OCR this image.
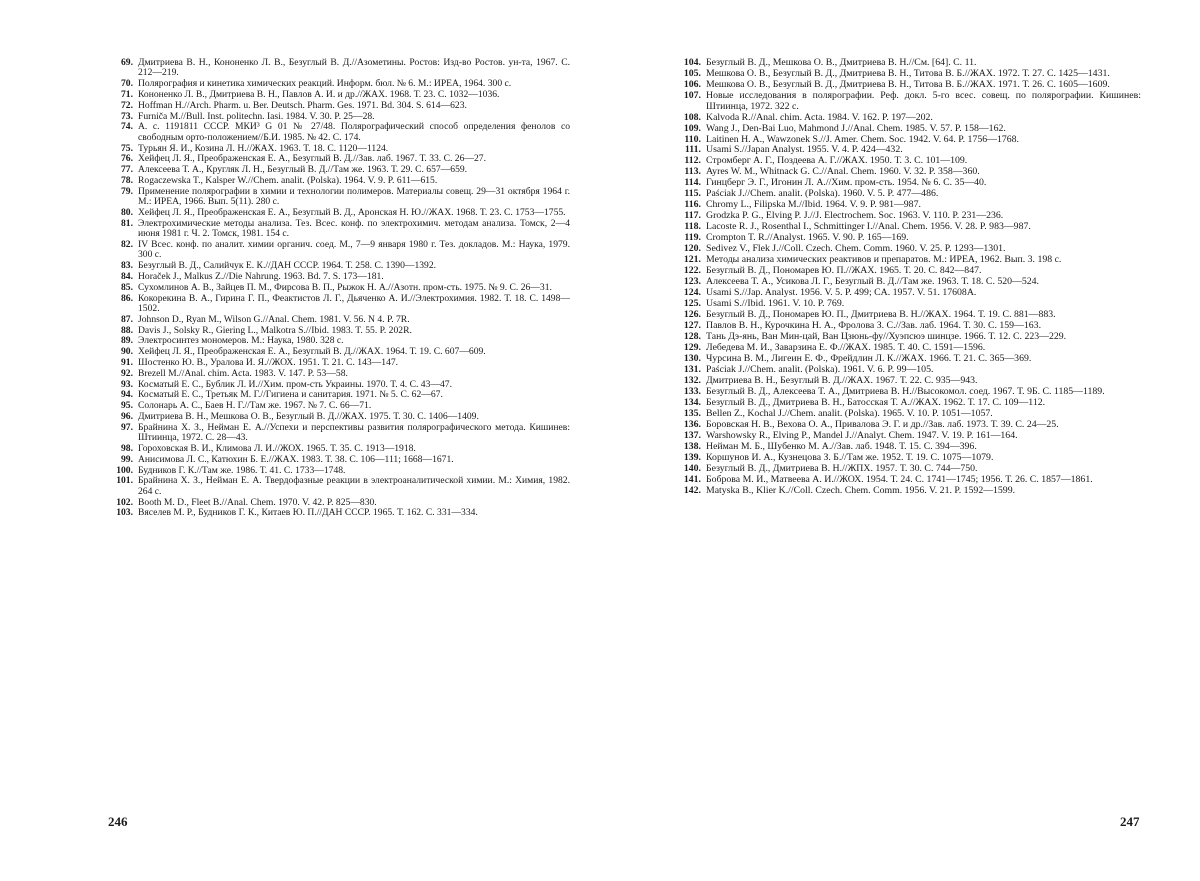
69. Дмитриева В. Н., Кононенко Л. В., Безуглый В. Д.//Азометины. Ростов: Изд-во Ростов. ун-та, 1967. С. 212—219.
70. Полярография и кинетика химических реакций. Информ. бюл. № 6. М.: ИРЕА, 1964. 300 с.
71. Кононенко Л. В., Дмитриева В. Н., Павлов А. И. и др.//ЖАХ. 1968. Т. 23. С. 1032—1036.
72. Hoffman H.//Arch. Pharm. u. Ber. Deutsch. Pharm. Ges. 1971. Bd. 304. S. 614—623.
73. Furniča M.//Bull. Inst. politechn. Iasi. 1984. V. 30. P. 25—28.
74. А. с. 1191811 СССР. МКИ³ G 01 № 27/48. Полярографический способ определения фенолов со свободным орто-положением//Б.И. 1985. № 42. С. 174.
75. Турьян Я. И., Козина Л. Н.//ЖАХ. 1963. Т. 18. С. 1120—1124.
76. Хейфец Л. Я., Преображенская Е. А., Безуглый В. Д.//Зав. лаб. 1967. Т. 33. С. 26—27.
77. Алексеева Т. А., Кругляк Л. Н., Безуглый В. Д.//Там же. 1963. Т. 29. С. 657—659.
78. Rogaczewska T., Kalsper W.//Chem. analit. (Polska). 1964. V. 9. P. 611—615.
79. Применение полярографии в химии и технологии полимеров. Материалы совещ. 29—31 октября 1964 г. М.: ИРЕА, 1966. Вып. 5(11). 280 с.
80. Хейфец Л. Я., Преображенская Е. А., Безуглый В. Д., Аронская Н. Ю.//ЖАХ. 1968. Т. 23. С. 1753—1755.
81. Электрохимические методы анализа. Тез. Всес. конф. по электрохимич. методам анализа. Томск, 2—4 июня 1981 г. Ч. 2. Томск, 1981. 154 с.
82. IV Всес. конф. по аналит. химии органич. соед. М., 7—9 января 1980 г. Тез. докладов. М.: Наука, 1979. 300 с.
83. Безуглый В. Д., Салийчук Е. К.//ДАН СССР. 1964. Т. 258. С. 1390—1392.
84. Horaček J., Malkus Z.//Die Nahrung. 1963. Bd. 7. S. 173—181.
85. Сухомлинов А. В., Зайцев П. М., Фирсова В. П., Рыжок Н. А.//Азотн. пром-сть. 1975. № 9. С. 26—31.
86. Кокорекина В. А., Гирина Г. П., Феактистов Л. Г., Дьяченко А. И.//Электрохимия. 1982. Т. 18. С. 1498—1502.
87. Johnson D., Ryan M., Wilson G.//Anal. Chem. 1981. V. 56. N 4. P. 7R.
88. Davis J., Solsky R., Giering L., Malkotra S.//Ibid. 1983. T. 55. P. 202R.
89. Электросинтез мономеров. М.: Наука, 1980. 328 с.
90. Хейфец Л. Я., Преображенская Е. А., Безуглый В. Д.//ЖАХ. 1964. Т. 19. С. 607—609.
91. Шостенко Ю. В., Уралова И. Я.//ЖОХ. 1951. Т. 21. С. 143—147.
92. Brezell M.//Anal. chim. Acta. 1983. V. 147. P. 53—58.
93. Косматый Е. С., Бублик Л. И.//Хим. пром-сть Украины. 1970. Т. 4. С. 43—47.
94. Косматый Е. С., Третьяк М. Г.//Гигиена и санитария. 1971. № 5. С. 62—67.
95. Солонарь А. С., Баев Н. Г.//Там же. 1967. № 7. С. 66—71.
96. Дмитриева В. Н., Мешкова О. В., Безуглый В. Д.//ЖАХ. 1975. Т. 30. С. 1406—1409.
97. Брайнина Х. З., Нейман Е. А.//Успехи и перспективы развития полярографического метода. Кишинев: Штиинца, 1972. С. 28—43.
98. Гороховская В. И., Климова Л. И.//ЖОХ. 1965. Т. 35. С. 1913—1918.
99. Анисимова Л. С., Катюхин Б. Е.//ЖАХ. 1983. Т. 38. С. 106—111; 1668—1671.
100. Будников Г. К.//Там же. 1986. Т. 41. С. 1733—1748.
101. Брайнина Х. З., Нейман Е. А. Твердофазные реакции в электроаналитической химии. М.: Химия, 1982. 264 с.
102. Booth M. D., Fleet B.//Anal. Chem. 1970. V. 42. P. 825—830.
103. Вяселев М. Р., Будников Г. К., Китаев Ю. П.//ДАН СССР. 1965. Т. 162. С. 331—334.
104. Безуглый В. Д., Мешкова О. В., Дмитриева В. Н.//См. [64]. С. 11.
105. Мешкова О. В., Безуглый В. Д., Дмитриева В. Н., Титова В. Б.//ЖАХ. 1972. Т. 27. С. 1425—1431.
106. Мешкова О. В., Безуглый В. Д., Дмитриева В. Н., Титова В. Б.//ЖАХ. 1971. Т. 26. С. 1605—1609.
107. Новые исследования в полярографии. Реф. докл. 5-го всес. совещ. по полярографии. Кишинев: Штиинца, 1972. 322 с.
108. Kalvoda R.//Anal. chim. Acta. 1984. V. 162. P. 197—202.
109. Wang J., Den-Bai Luo, Mahmond J.//Anal. Chem. 1985. V. 57. P. 158—162.
110. Laitinen H. A., Wawzonek S.//J. Amer. Chem. Soc. 1942. V. 64. P. 1756—1768.
111. Usami S.//Japan Analyst. 1955. V. 4. P. 424—432.
112. Стромберг А. Г., Поздеева А. Г.//ЖАХ. 1950. Т. 3. С. 101—109.
113. Ayres W. M., Whitnack G. C.//Anal. Chem. 1960. V. 32. P. 358—360.
114. Гинцберг Э. Г., Игонин Л. А.//Хим. пром-сть. 1954. № 6. С. 35—40.
115. Paściak J.//Chem. analit. (Polska). 1960. V. 5. P. 477—486.
116. Chromy L., Filipska M.//Ibid. 1964. V. 9. P. 981—987.
117. Grodzka P. G., Elving P. J.//J. Electrochem. Soc. 1963. V. 110. P. 231—236.
118. Lacoste R. J., Rosenthal I., Schmittinger I.//Anal. Chem. 1956. V. 28. P. 983—987.
119. Crompton T. R.//Analyst. 1965. V. 90. P. 165—169.
120. Sedivez V., Flek J.//Coll. Czech. Chem. Comm. 1960. V. 25. P. 1293—1301.
121. Методы анализа химических реактивов и препаратов. М.: ИРЕА, 1962. Вып. 3. 198 с.
122. Безуглый В. Д., Пономарев Ю. П.//ЖАХ. 1965. Т. 20. С. 842—847.
123. Алексеева Т. А., Усикова Л. Г., Безуглый В. Д.//Там же. 1963. Т. 18. С. 520—524.
124. Usami S.//Jap. Analyst. 1956. V. 5. P. 499; CA. 1957. V. 51. 17608A.
125. Usami S.//Ibid. 1961. V. 10. P. 769.
126. Безуглый В. Д., Пономарев Ю. П., Дмитриева В. Н.//ЖАХ. 1964. Т. 19. С. 881—883.
127. Павлов В. Н., Курочкина Н. А., Фролова З. С.//Зав. лаб. 1964. Т. 30. С. 159—163.
128. Тань Дэ-янь, Ван Мин-цай, Ван Цзюнь-фу//Хуэпсюэ шинцзе. 1966. Т. 12. С. 223—229.
129. Лебедева М. И., Заварзина Е. Ф.//ЖАХ. 1985. Т. 40. С. 1591—1596.
130. Чурсина В. М., Лигеин Е. Ф., Фрейдлин Л. К.//ЖАХ. 1966. Т. 21. С. 365—369.
131. Paściak J.//Chem. analit. (Polska). 1961. V. 6. P. 99—105.
132. Дмитриева В. Н., Безуглый В. Д.//ЖАХ. 1967. Т. 22. С. 935—943.
133. Безуглый В. Д., Алексеева Т. А., Дмитриева В. Н.//Высокомол. соед. 1967. Т. 9Б. С. 1185—1189.
134. Безуглый В. Д., Дмитриева В. Н., Батосская Т. А.//ЖАХ. 1962. Т. 17. С. 109—112.
135. Bellen Z., Kochal J.//Chem. analit. (Polska). 1965. V. 10. P. 1051—1057.
136. Боровская Н. В., Вехова О. А., Привалова Э. Г. и др.//Зав. лаб. 1973. Т. 39. С. 24—25.
137. Warshowsky R., Elving P., Mandel J.//Analyt. Chem. 1947. V. 19. P. 161—164.
138. Нейман М. Б., Шубенко М. А.//Зав. лаб. 1948. Т. 15. С. 394—396.
139. Коршунов И. А., Кузнецова З. Б.//Там же. 1952. Т. 19. С. 1075—1079.
140. Безуглый В. Д., Дмитриева В. Н.//ЖПХ. 1957. Т. 30. С. 744—750.
141. Боброва М. И., Матвеева А. И.//ЖОХ. 1954. Т. 24. С. 1741—1745; 1956. Т. 26. С. 1857—1861.
142. Matyska B., Klier K.//Coll. Czech. Chem. Comm. 1956. V. 21. P. 1592—1599.
246	247
